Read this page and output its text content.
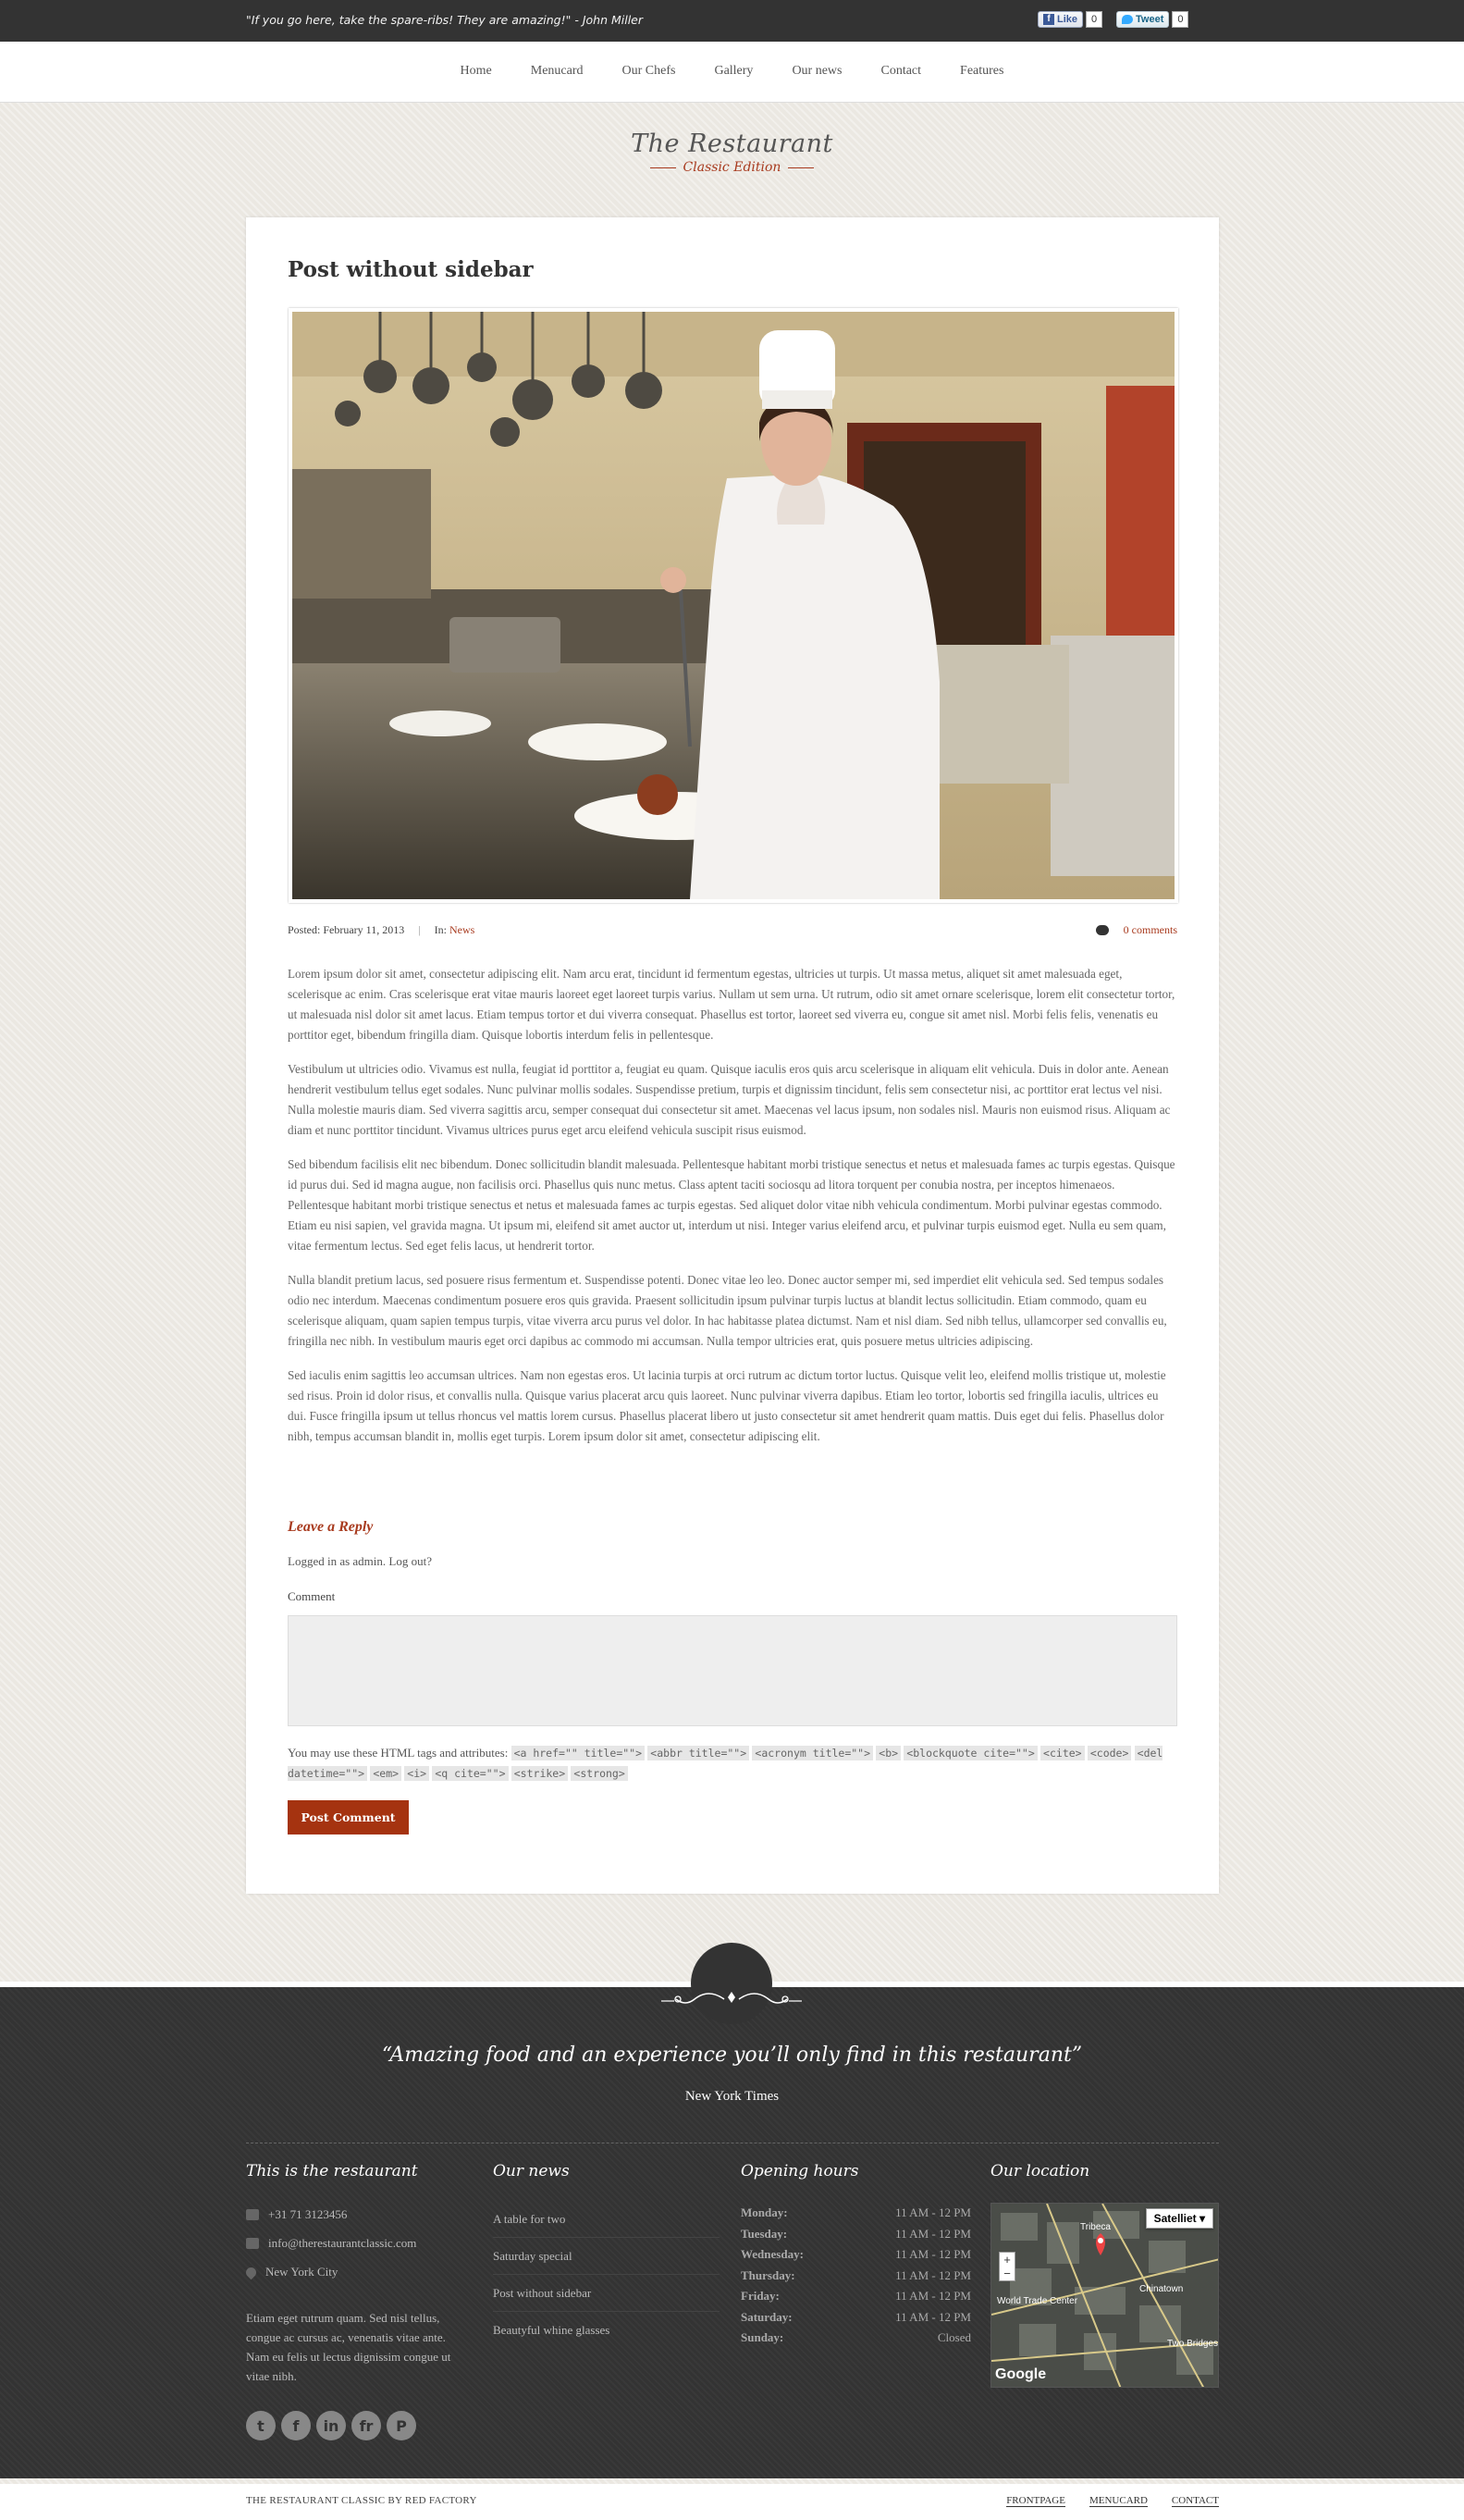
"If you go here, take the spare-ribs! They are amazing!" - John Miller	f Like	0	Tweet	0
Home	Menucard	Our Chefs	Gallery	Our news	Contact	Features
The Restaurant
Classic Edition
Post without sidebar
Posted: February 11, 2013 | In: News	0 comments

Lorem ipsum dolor sit amet, consectetur adipiscing elit. Nam arcu erat, tincidunt id fermentum egestas, ultricies ut turpis. Ut massa metus, aliquet sit amet malesuada eget, scelerisque ac enim. Cras scelerisque erat vitae mauris laoreet eget laoreet turpis varius. Nullam ut sem urna. Ut rutrum, odio sit amet ornare scelerisque, lorem elit consectetur tortor, ut malesuada nisl dolor sit amet lacus. Etiam tempus tortor et dui viverra consequat. Phasellus est tortor, laoreet sed viverra eu, congue sit amet nisl. Morbi felis felis, venenatis eu porttitor eget, bibendum fringilla diam. Quisque lobortis interdum felis in pellentesque.

Vestibulum ut ultricies odio. Vivamus est nulla, feugiat id porttitor a, feugiat eu quam. Quisque iaculis eros quis arcu scelerisque in aliquam elit vehicula. Duis in dolor ante. Aenean hendrerit vestibulum tellus eget sodales. Nunc pulvinar mollis sodales. Suspendisse pretium, turpis et dignissim tincidunt, felis sem consectetur nisi, ac porttitor erat lectus vel nisi. Nulla molestie mauris diam. Sed viverra sagittis arcu, semper consequat dui consectetur sit amet. Maecenas vel lacus ipsum, non sodales nisl. Mauris non euismod risus. Aliquam ac diam et nunc porttitor tincidunt. Vivamus ultrices purus eget arcu eleifend vehicula suscipit risus euismod.

Sed bibendum facilisis elit nec bibendum. Donec sollicitudin blandit malesuada. Pellentesque habitant morbi tristique senectus et netus et malesuada fames ac turpis egestas. Quisque id purus dui. Sed id magna augue, non facilisis orci. Phasellus quis nunc metus. Class aptent taciti sociosqu ad litora torquent per conubia nostra, per inceptos himenaeos. Pellentesque habitant morbi tristique senectus et netus et malesuada fames ac turpis egestas. Sed aliquet dolor vitae nibh vehicula condimentum. Morbi pulvinar egestas commodo. Etiam eu nisi sapien, vel gravida magna. Ut ipsum mi, eleifend sit amet auctor ut, interdum ut nisi. Integer varius eleifend arcu, et pulvinar turpis euismod eget. Nulla eu sem quam, vitae fermentum lectus. Sed eget felis lacus, ut hendrerit tortor.

Nulla blandit pretium lacus, sed posuere risus fermentum et. Suspendisse potenti. Donec vitae leo leo. Donec auctor semper mi, sed imperdiet elit vehicula sed. Sed tempus sodales odio nec interdum. Maecenas condimentum posuere eros quis gravida. Praesent sollicitudin ipsum pulvinar turpis luctus at blandit lectus sollicitudin. Etiam commodo, quam eu scelerisque aliquam, quam sapien tempus turpis, vitae viverra arcu purus vel dolor. In hac habitasse platea dictumst. Nam et nisl diam. Sed nibh tellus, ullamcorper sed convallis eu, fringilla nec nibh. In vestibulum mauris eget orci dapibus ac commodo mi accumsan. Nulla tempor ultricies erat, quis posuere metus ultricies adipiscing.

Sed iaculis enim sagittis leo accumsan ultrices. Nam non egestas eros. Ut lacinia turpis at orci rutrum ac dictum tortor luctus. Quisque velit leo, eleifend mollis tristique ut, molestie sed risus. Proin id dolor risus, et convallis nulla. Quisque varius placerat arcu quis laoreet. Nunc pulvinar viverra dapibus. Etiam leo tortor, lobortis sed fringilla iaculis, ultrices eu dui. Fusce fringilla ipsum ut tellus rhoncus vel mattis lorem cursus. Phasellus placerat libero ut justo consectetur sit amet hendrerit quam mattis. Duis eget dui felis. Phasellus dolor nibh, tempus accumsan blandit in, mollis eget turpis. Lorem ipsum dolor sit amet, consectetur adipiscing elit.

Leave a Reply
Logged in as admin. Log out?
Comment
You may use these HTML tags and attributes: <a href="" title=""> <abbr title=""> <acronym title=""> <b> <blockquote cite=""> <cite> <code> <del datetime=""> <em> <i> <q cite=""> <strike> <strong>
Post Comment
“Amazing food and an experience you’ll only find in this restaurant”
New York Times
This is the restaurant
+31 71 3123456
info@therestaurantclassic.com
New York City
Etiam eget rutrum quam. Sed nisl tellus, congue ac cursus ac, venenatis vitae ante. Nam eu felis ut lectus dignissim congue ut vitae nibh.
t	f	in	fr	P
Our news
A table for two
Saturday special
Post without sidebar
Beautyful whine glasses
Opening hours
Monday:	11 AM - 12 PM
Tuesday:	11 AM - 12 PM
Wednesday:	11 AM - 12 PM
Thursday:	11 AM - 12 PM
Friday:	11 AM - 12 PM
Saturday:	11 AM - 12 PM
Sunday:	Closed
Our location
Tribeca
World Trade Center
Two Bridges
Chinatown
Satelliet ▾
+
−
Google
THE RESTAURANT CLASSIC BY RED FACTORY	FRONTPAGE MENUCARD CONTACT
